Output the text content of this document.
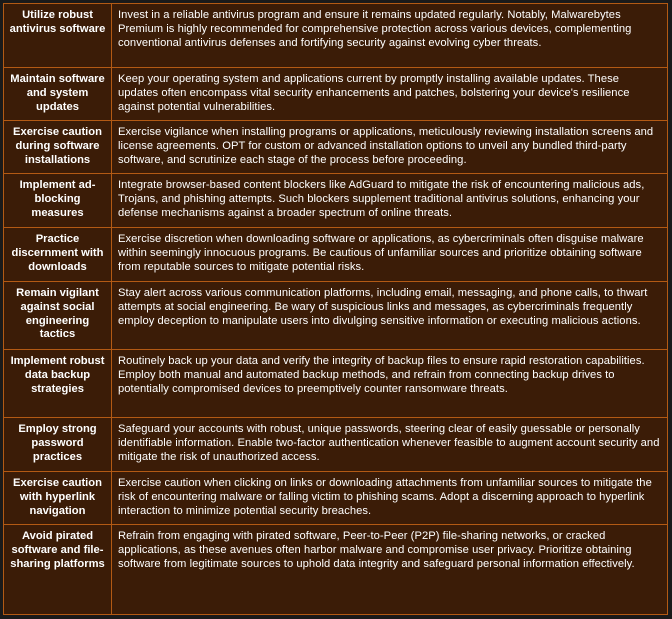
Utilize robust antivirus software
Invest in a reliable antivirus program and ensure it remains updated regularly. Notably, Malwarebytes Premium is highly recommended for comprehensive protection across various devices, complementing conventional antivirus defenses and fortifying security against evolving cyber threats.
Maintain software and system updates
Keep your operating system and applications current by promptly installing available updates. These updates often encompass vital security enhancements and patches, bolstering your device's resilience against potential vulnerabilities.
Exercise caution during software installations
Exercise vigilance when installing programs or applications, meticulously reviewing installation screens and license agreements. OPT for custom or advanced installation options to unveil any bundled third-party software, and scrutinize each stage of the process before proceeding.
Implement ad-blocking measures
Integrate browser-based content blockers like AdGuard to mitigate the risk of encountering malicious ads, Trojans, and phishing attempts. Such blockers supplement traditional antivirus solutions, enhancing your defense mechanisms against a broader spectrum of online threats.
Practice discernment with downloads
Exercise discretion when downloading software or applications, as cybercriminals often disguise malware within seemingly innocuous programs. Be cautious of unfamiliar sources and prioritize obtaining software from reputable sources to mitigate potential risks.
Remain vigilant against social engineering tactics
Stay alert across various communication platforms, including email, messaging, and phone calls, to thwart attempts at social engineering. Be wary of suspicious links and messages, as cybercriminals frequently employ deception to manipulate users into divulging sensitive information or executing malicious actions.
Implement robust data backup strategies
Routinely back up your data and verify the integrity of backup files to ensure rapid restoration capabilities. Employ both manual and automated backup methods, and refrain from connecting backup drives to potentially compromised devices to preemptively counter ransomware threats.
Employ strong password practices
Safeguard your accounts with robust, unique passwords, steering clear of easily guessable or personally identifiable information. Enable two-factor authentication whenever feasible to augment account security and mitigate the risk of unauthorized access.
Exercise caution with hyperlink navigation
Exercise caution when clicking on links or downloading attachments from unfamiliar sources to mitigate the risk of encountering malware or falling victim to phishing scams. Adopt a discerning approach to hyperlink interaction to minimize potential security breaches.
Avoid pirated software and file-sharing platforms
Refrain from engaging with pirated software, Peer-to-Peer (P2P) file-sharing networks, or cracked applications, as these avenues often harbor malware and compromise user privacy. Prioritize obtaining software from legitimate sources to uphold data integrity and safeguard personal information effectively.
